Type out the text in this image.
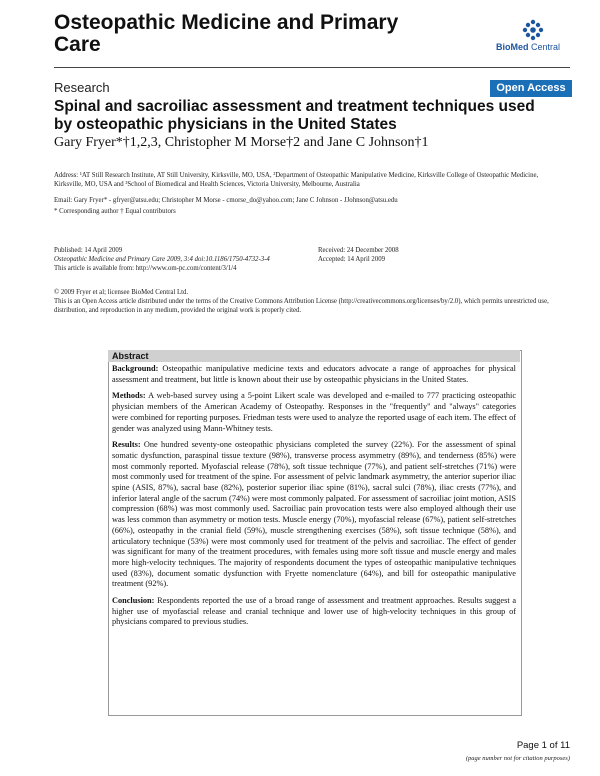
Osteopathic Medicine and Primary Care	BioMed Central
Research	Open Access
Spinal and sacroiliac assessment and treatment techniques used by osteopathic physicians in the United States
Gary Fryer*†1,2,3, Christopher M Morse†2 and Jane C Johnson†1
Address: ¹AT Still Research Institute, AT Still University, Kirksville, MO, USA, ²Department of Osteopathic Manipulative Medicine, Kirksville College of Osteopathic Medicine, Kirksville, MO, USA and ³School of Biomedical and Health Sciences, Victoria University, Melbourne, Australia
Email: Gary Fryer* - gfryer@atsu.edu; Christopher M Morse - cmorse_do@yahoo.com; Jane C Johnson - JJohnson@atsu.edu
* Corresponding author † Equal contributors
Published: 14 April 2009
Osteopathic Medicine and Primary Care 2009, 3:4 doi:10.1186/1750-4732-3-4
This article is available from: http://www.om-pc.com/content/3/1/4
Received: 24 December 2008
Accepted: 14 April 2009
© 2009 Fryer et al; licensee BioMed Central Ltd.
This is an Open Access article distributed under the terms of the Creative Commons Attribution License (http://creativecommons.org/licenses/by/2.0), which permits unrestricted use, distribution, and reproduction in any medium, provided the original work is properly cited.
Abstract

Background: Osteopathic manipulative medicine texts and educators advocate a range of approaches for physical assessment and treatment, but little is known about their use by osteopathic physicians in the United States.

Methods: A web-based survey using a 5-point Likert scale was developed and e-mailed to 777 practicing osteopathic physician members of the American Academy of Osteopathy. Responses in the "frequently" and "always" categories were combined for reporting purposes. Friedman tests were used to analyze the reported usage of each item. The effect of gender was analyzed using Mann-Whitney tests.

Results: One hundred seventy-one osteopathic physicians completed the survey (22%). For the assessment of spinal somatic dysfunction, paraspinal tissue texture (98%), transverse process asymmetry (89%), and tenderness (85%) were most commonly reported. Myofascial release (78%), soft tissue technique (77%), and patient self-stretches (71%) were most commonly used for treatment of the spine. For assessment of pelvic landmark asymmetry, the anterior superior iliac spine (ASIS, 87%), sacral base (82%), posterior superior iliac spine (81%), sacral sulci (78%), iliac crests (77%), and inferior lateral angle of the sacrum (74%) were most commonly palpated. For assessment of sacroiliac joint motion, ASIS compression (68%) was most commonly used. Sacroiliac pain provocation tests were also employed although their use was less common than asymmetry or motion tests. Muscle energy (70%), myofascial release (67%), patient self-stretches (66%), osteopathy in the cranial field (59%), muscle strengthening exercises (58%), soft tissue technique (58%), and articulatory technique (53%) were most commonly used for treatment of the pelvis and sacroiliac. The effect of gender was significant for many of the treatment procedures, with females using more soft tissue and muscle energy and males more high-velocity techniques. The majority of respondents document the types of osteopathic manipulative techniques used (83%), document somatic dysfunction with Fryette nomenclature (64%), and bill for osteopathic manipulative treatment (92%).

Conclusion: Respondents reported the use of a broad range of assessment and treatment approaches. Results suggest a higher use of myofascial release and cranial technique and lower use of high-velocity techniques in this group of physicians compared to previous studies.

Page 1 of 11
(page number not for citation purposes)
